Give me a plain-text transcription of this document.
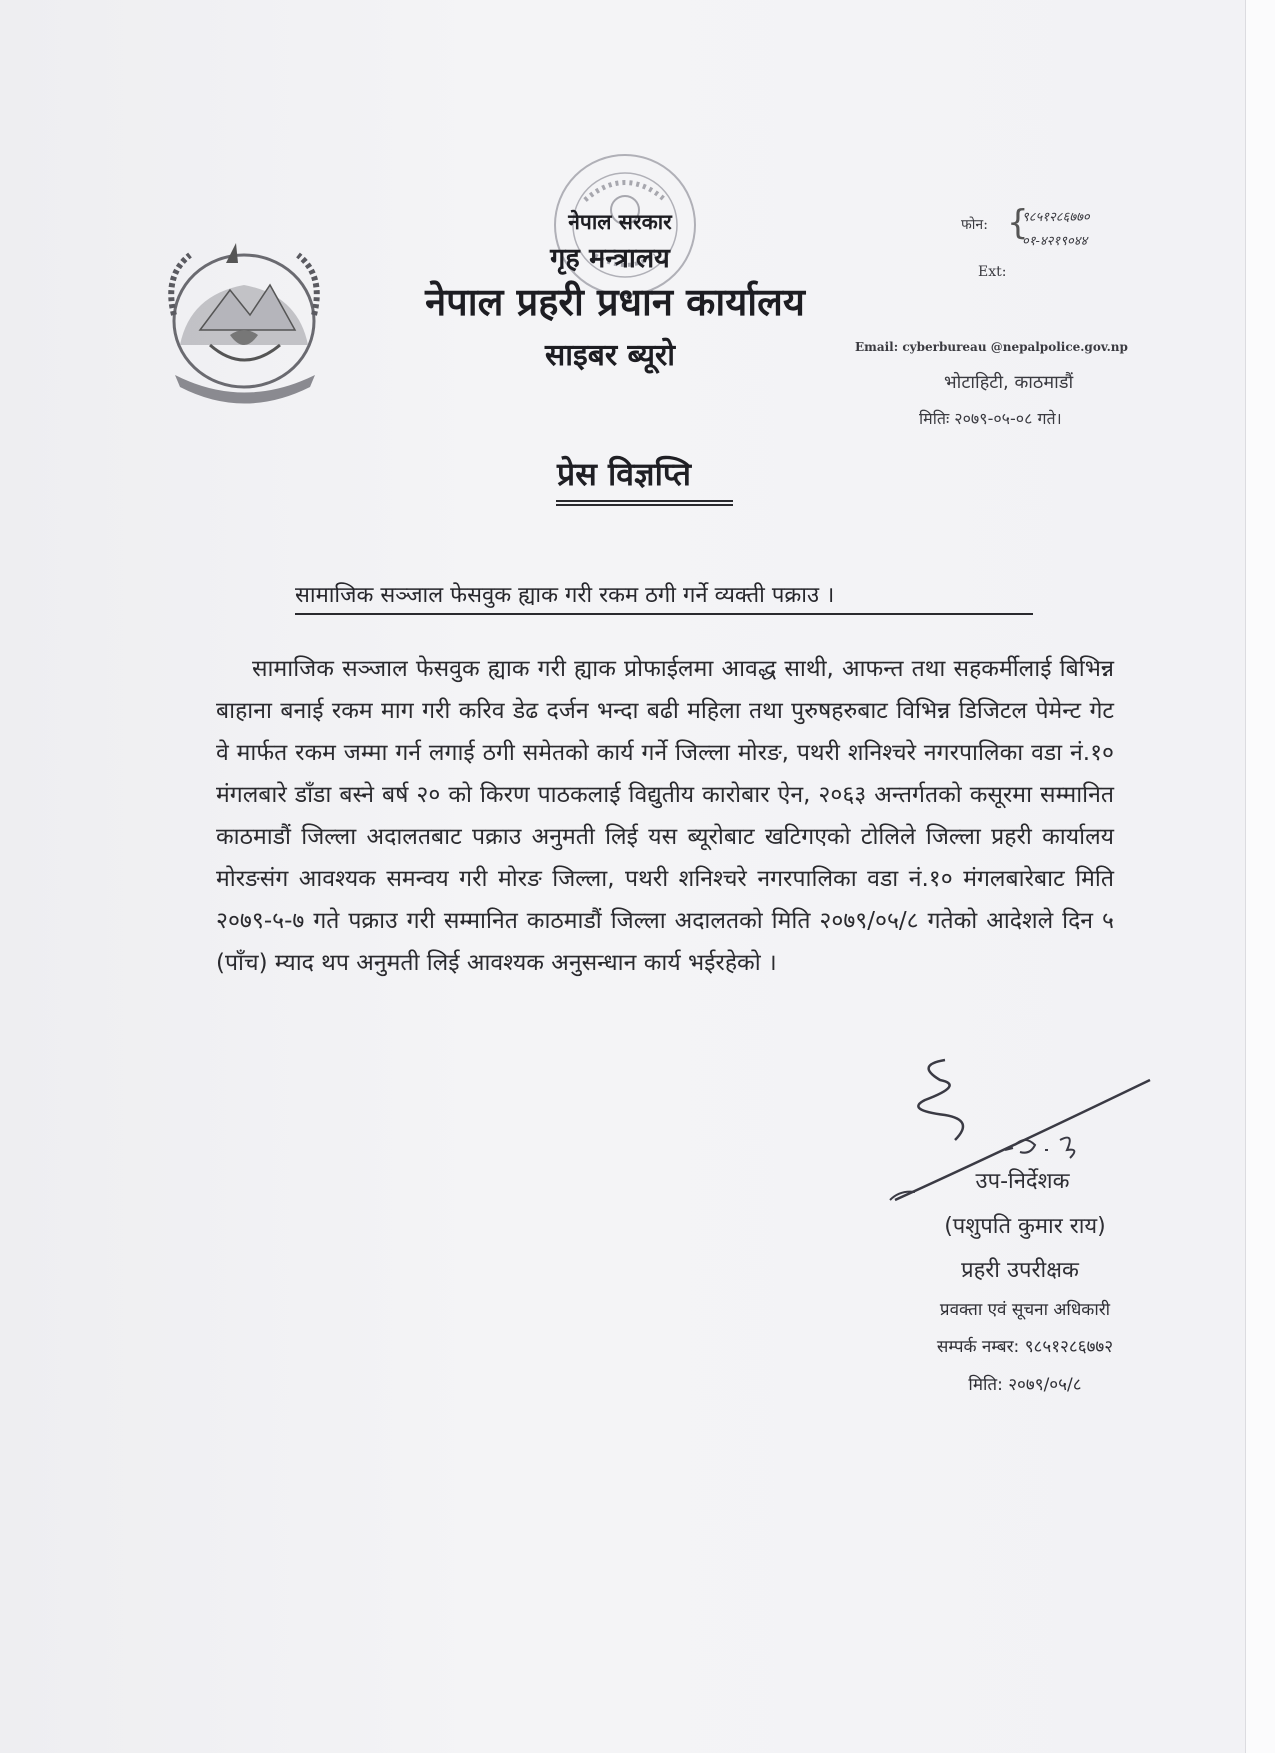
नेपाल सरकार
गृह मन्त्रालय
नेपाल प्रहरी प्रधान कार्यालय
साइबर ब्यूरो
फोन: {
९८५१२८६७७०
०१-४२१९०४४
Ext:
Email: cyberbureau @nepalpolice.gov.np
भोटाहिटी, काठमाडौं
मितिः २०७९-०५-०८ गते।
प्रेस विज्ञप्ति
सामाजिक सञ्जाल फेसवुक ह्याक गरी रकम ठगी गर्ने व्यक्ती पक्राउ ।
सामाजिक सञ्जाल फेसवुक ह्याक गरी ह्याक प्रोफाईलमा आवद्ध साथी, आफन्त तथा सहकर्मीलाई बिभिन्न बाहाना बनाई रकम माग गरी करिव डेढ दर्जन भन्दा बढी महिला तथा पुरुषहरुबाट विभिन्न डिजिटल पेमेन्ट गेट वे मार्फत रकम जम्मा गर्न लगाई ठगी समेतको कार्य गर्ने जिल्ला मोरङ, पथरी शनिश्चरे नगरपालिका वडा नं.१० मंगलबारे डाँडा बस्ने बर्ष २० को किरण पाठकलाई विद्युतीय कारोबार ऐन, २०६३ अन्तर्गतको कसूरमा सम्मानित काठमाडौं जिल्ला अदालतबाट पक्राउ अनुमती लिई यस ब्यूरोबाट खटिगएको टोलिले जिल्ला प्रहरी कार्यालय मोरङसंग आवश्यक समन्वय गरी मोरङ जिल्ला, पथरी शनिश्चरे नगरपालिका वडा नं.१० मंगलबारेबाट मिति २०७९-५-७ गते पक्राउ गरी सम्मानित काठमाडौं जिल्ला अदालतको मिति २०७९/०५/८ गतेको आदेशले दिन ५ (पाँच) म्याद थप अनुमती लिई आवश्यक अनुसन्धान कार्य भईरहेको ।
उप-निर्देशक
(पशुपति कुमार राय)
प्रहरी उपरीक्षक
प्रवक्ता एवं सूचना अधिकारी
सम्पर्क नम्बर: ९८५१२८६७७२
मिति: २०७९/०५/८
